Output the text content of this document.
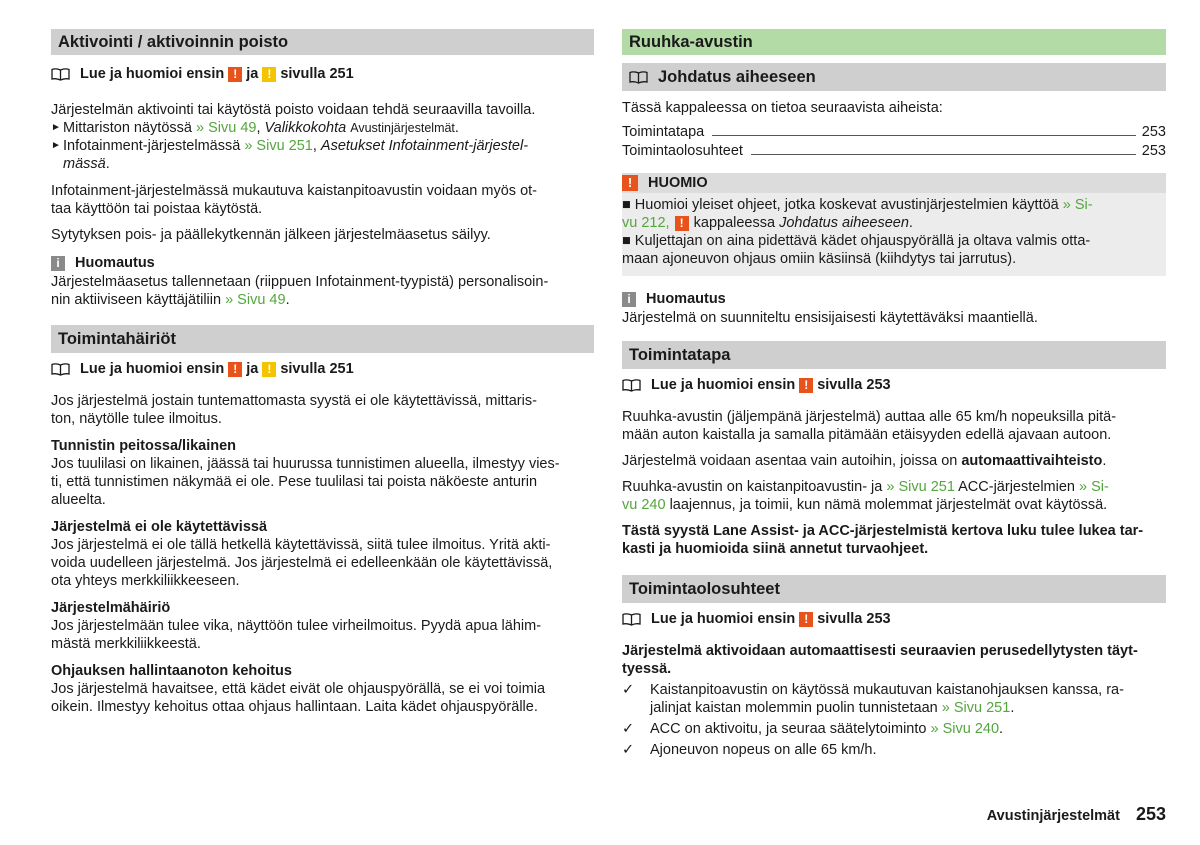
Aktivointi / aktivoinnin poisto
Lue ja huomioi ensin ! ja ! sivulla 251

Järjestelmän aktivointi tai käytöstä poisto voidaan tehdä seuraavilla tavoilla.

► Mittariston näytössä » Sivu 49, Valikkokohta Avustinjärjestelmät.
► Infotainment-järjestelmässä » Sivu 251, Asetukset Infotainment-järjestel-
mässä.

Infotainment-järjestelmässä mukautuva kaistanpitoavustin voidaan myös ot-
taa käyttöön tai poistaa käytöstä.

Sytytyksen pois- ja päällekytkennän jälkeen järjestelmäasetus säilyy.

i	Huomautus

Järjestelmäasetus tallennetaan (riippuen Infotainment-tyypistä) personalisoin-
nin aktiiviseen käyttäjätiliin » Sivu 49.

Toimintahäiriöt
Lue ja huomioi ensin ! ja ! sivulla 251

Jos järjestelmä jostain tuntemattomasta syystä ei ole käytettävissä, mittaris-
ton, näytölle tulee ilmoitus.

Tunnistin peitossa/likainen

Jos tuulilasi on likainen, jäässä tai huurussa tunnistimen alueella, ilmestyy vies-
ti, että tunnistimen näkymää ei ole. Pese tuulilasi tai poista näköeste anturin
alueelta.

Järjestelmä ei ole käytettävissä

Jos järjestelmä ei ole tällä hetkellä käytettävissä, siitä tulee ilmoitus. Yritä akti-
voida uudelleen järjestelmä. Jos järjestelmä ei edelleenkään ole käytettävissä,
ota yhteys merkkiliikkeeseen.

Järjestelmähäiriö

Jos järjestelmään tulee vika, näyttöön tulee virheilmoitus. Pyydä apua lähim-
mästä merkkiliikkeestä.

Ohjauksen hallintaanoton kehoitus

Jos järjestelmä havaitsee, että kädet eivät ole ohjauspyörällä, se ei voi toimia
oikein. Ilmestyy kehoitus ottaa ohjaus hallintaan. Laita kädet ohjauspyörälle.

Ruuhka-avustin
Johdatus aiheeseen

Tässä kappaleessa on tietoa seuraavista aiheista:

Toimintatapa	253
Toimintaolosuhteet	253
!	HUOMIO
■ Huomioi yleiset ohjeet, jotka koskevat avustinjärjestelmien käyttöä » Si-
vu 212, ! kappaleessa Johdatus aiheeseen.
■ Kuljettajan on aina pidettävä kädet ohjauspyörällä ja oltava valmis otta-
maan ajoneuvon ohjaus omiin käsiinsä (kiihdytys tai jarrutus).
i	Huomautus

Järjestelmä on suunniteltu ensisijaisesti käytettäväksi maantiellä.

Toimintatapa
Lue ja huomioi ensin ! sivulla 253

Ruuhka-avustin (jäljempänä järjestelmä) auttaa alle 65 km/h nopeuksilla pitä-
mään auton kaistalla ja samalla pitämään etäisyyden edellä ajavaan autoon.

Järjestelmä voidaan asentaa vain autoihin, joissa on automaattivaihteisto.

Ruuhka-avustin on kaistanpitoavustin- ja » Sivu 251 ACC-järjestelmien » Si-
vu 240 laajennus, ja toimii, kun nämä molemmat järjestelmät ovat käytössä.

Tästä syystä Lane Assist- ja ACC-järjestelmistä kertova luku tulee lukea tar-
kasti ja huomioida siinä annetut turvaohjeet.

Toimintaolosuhteet
Lue ja huomioi ensin ! sivulla 253

Järjestelmä aktivoidaan automaattisesti seuraavien perusedellytysten täyt-
tyessä.

✓	Kaistanpitoavustin on käytössä mukautuvan kaistanohjauksen kanssa, ra-
jalinjat kaistan molemmin puolin tunnistetaan » Sivu 251.
✓	ACC on aktivoitu, ja seuraa säätelytoiminto » Sivu 240.
✓	Ajoneuvon nopeus on alle 65 km/h.
Avustinjärjestelmät 253
